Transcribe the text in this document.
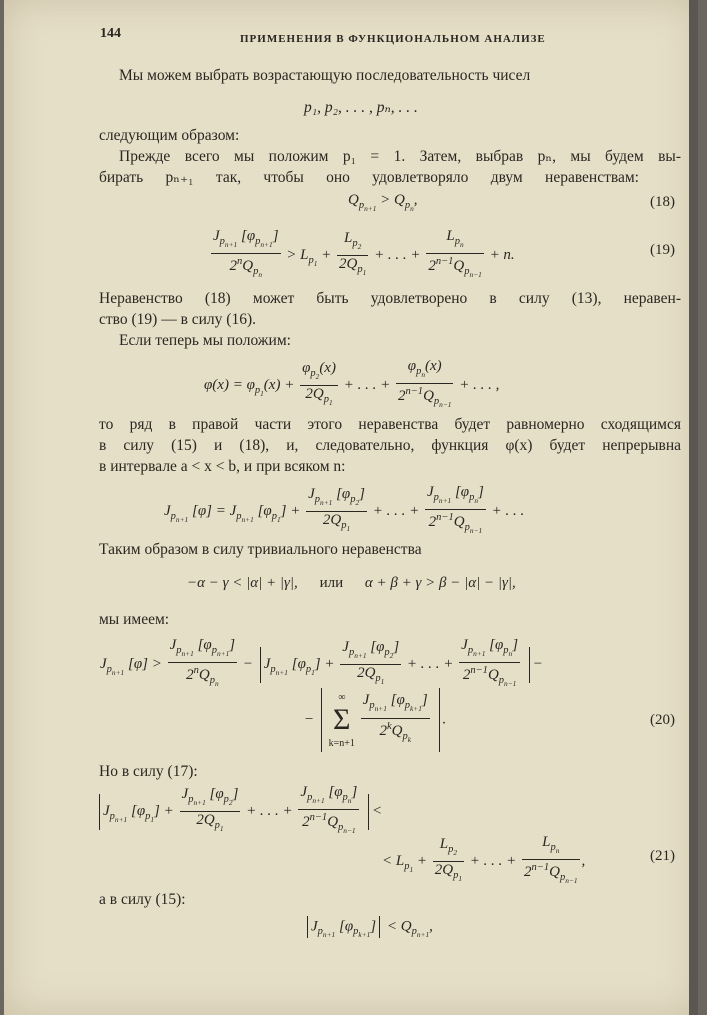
144	ПРИМЕНЕНИЯ В ФУНКЦИОНАЛЬНОМ АНАЛИЗЕ
Мы можем выбрать возрастающую последовательность чисел
p₁, p₂, . . . , pₙ, . . .
следующим образом:
Прежде всего мы положим p₁ = 1. Затем, выбрав pₙ, мы будем вы-
бирать pₙ₊₁ так, чтобы оно удовлетворяло двум неравенствам:
$Q_{p_{n+1}} > Q_{p_n}$,	(18)
$\frac{J_{p_{n+1}} [\varphi_{p_{n+1}}]}{2^nQ_{p_n}} > L_{p_1} + \frac{L_{p_2}}{2Q_{p_1}}$ + . . . + $\frac{L_{p_n}}{2^{n-1}Q_{p_{n-1}}} + n$.	(19)
Неравенство (18) может быть удовлетворено в силу (13), неравен-
ство (19) — в силу (16).
Если теперь мы положим:
$\varphi(x) = \varphi_{p_1}(x) + \frac{\varphi_{p_2}(x)}{2Q_{p_1}}$ + . . . + $\frac{\varphi_{p_n}(x)}{2^{n-1}Q_{p_{n-1}}}$ + . . . ,
то ряд в правой части этого неравенства будет равномерно сходящимся
в силу (15) и (18), и, следовательно, функция φ(x) будет непрерывна
в интервале a < x < b, и при всяком n:
$J_{p_{n+1}}$ $[\varphi] = J_{p_{n+1}}$ $[\varphi_{p_1}] + \frac{J_{p_{n+1}} [\varphi_{p_2}]}{2Q_{p_1}}$ + . . . + $\frac{J_{p_{n+1}} [\varphi_{p_n}]}{2^{n-1}Q_{p_{n-1}}}$ + . . .
Таким образом в силу тривиального неравенства
−α − γ < |α| + |γ|, или α + β + γ > β − |α| − |γ|,
мы имеем:
$J_{p_{n+1}}$ $[\varphi] > \frac{J_{p_{n+1}} [\varphi_{p_{n+1}}]}{2^nQ_{p_n}} - J_{p_{n+1}}$ $[\varphi_{p_1}] + \frac{J_{p_{n+1}} [\varphi_{p_2}]}{2Q_{p_1}}$ + . . . + $\frac{J_{p_{n+1}} [\varphi_{p_n}]}{2^{n-1}Q_{p_{n-1}}}$ −
−  ∞
Σ
$k=n+1 \frac{J_{p_{n+1}} [\varphi_{p_{k+1}}]}{2^kQ_{p_k}}$ .	(20)
Но в силу (17):
$J_{p_{n+1}}$ $[\varphi_{p_1}] + \frac{J_{p_{n+1}} [\varphi_{p_2}]}{2Q_{p_1}}$ + . . . + $\frac{J_{p_{n+1}} [\varphi_{p_n}]}{2^{n-1}Q_{p_{n-1}}}$ <
< $L_{p_1} + \frac{L_{p_2}}{2Q_{p_1}}$ + . . . + $\frac{L_{p_n}}{2^{n-1}Q_{p_{n-1}}}$ ,	(21)
а в силу (15):
$J_{p_{n+1}}$ $[\varphi_{p_{k+1}}] < Q_{p_{n+1}}$,
